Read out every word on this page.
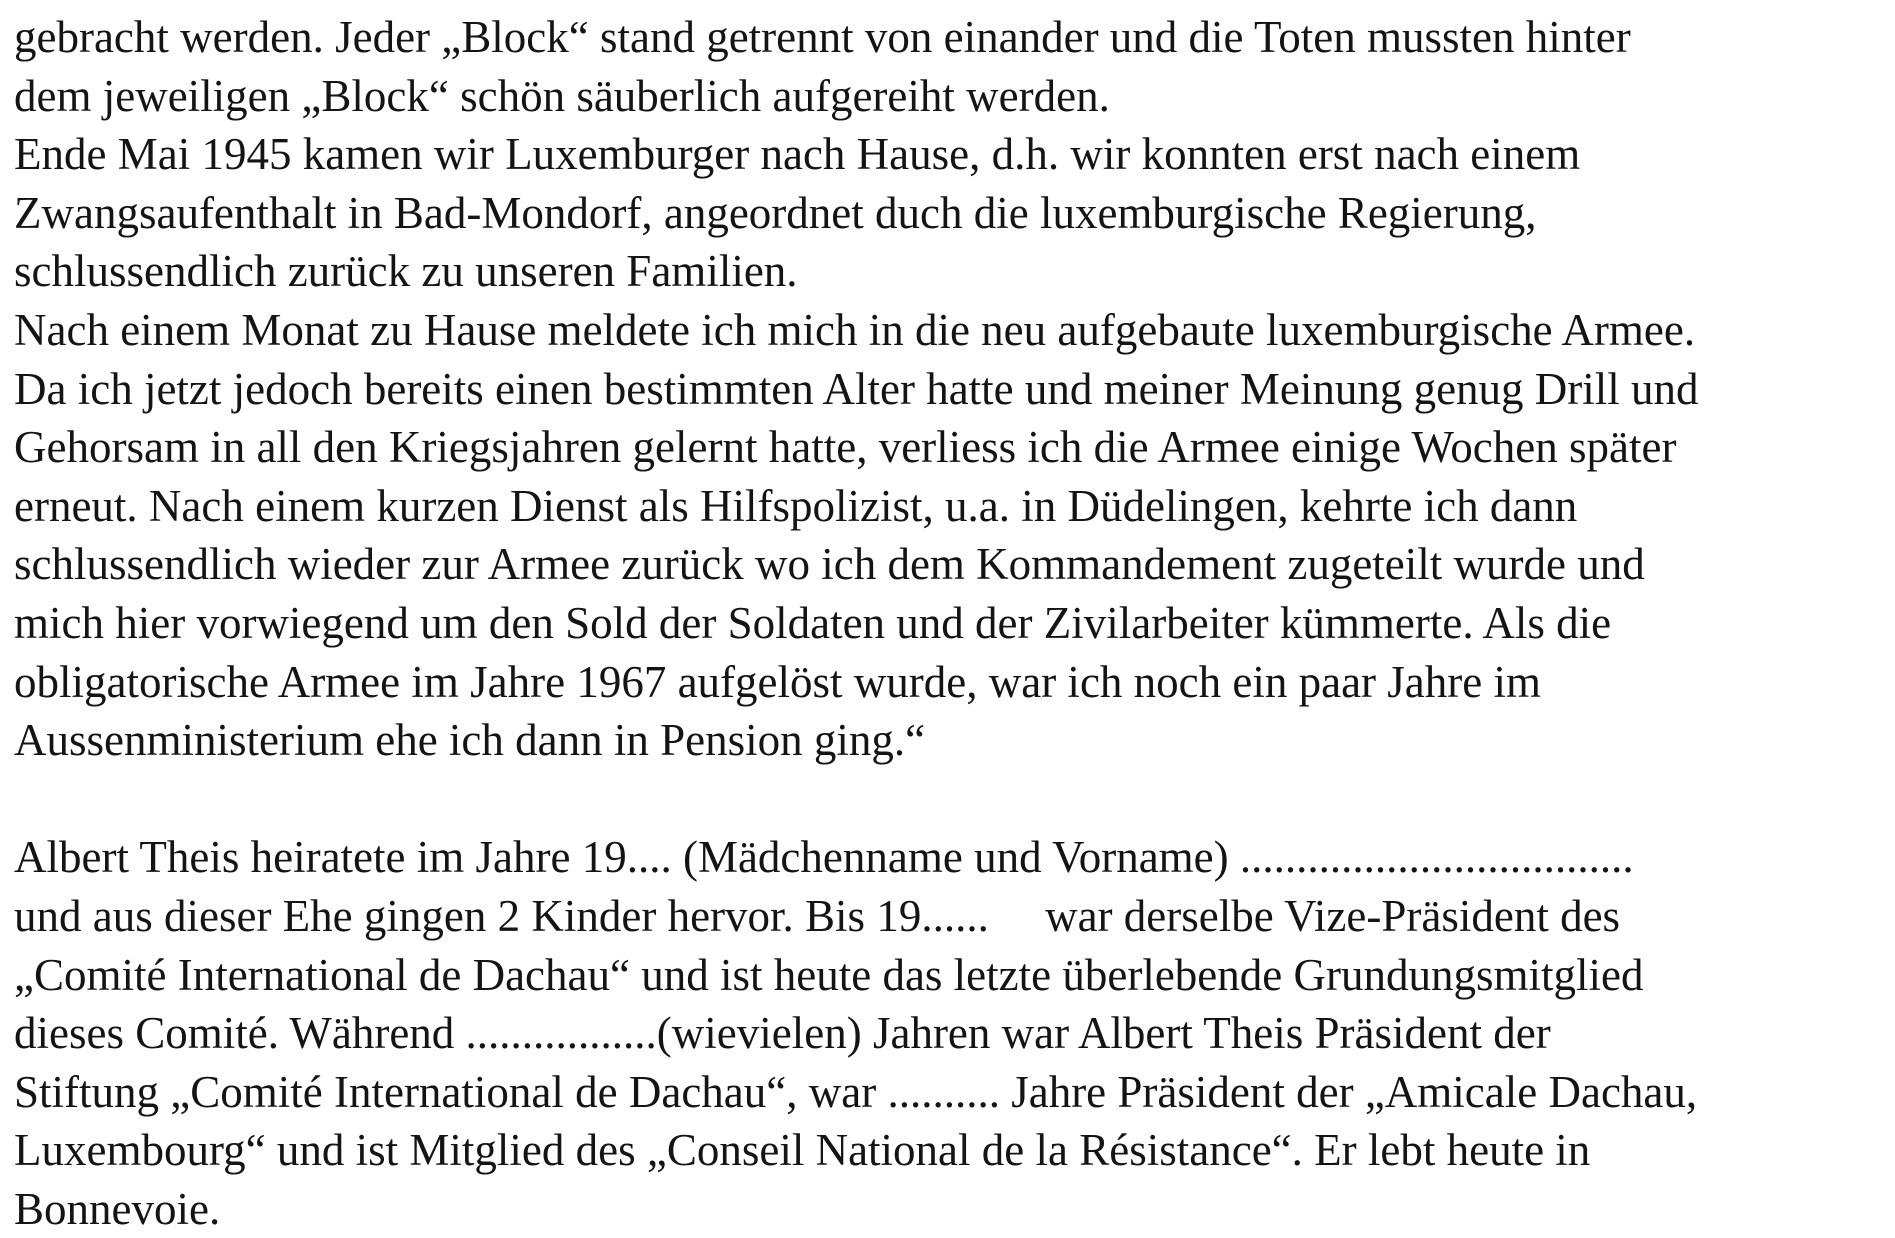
gebracht werden. Jeder „Block“ stand getrennt von einander und die Toten mussten hinter
dem jeweiligen „Block“ schön säuberlich aufgereiht werden.
Ende Mai 1945 kamen wir Luxemburger nach Hause, d.h. wir konnten erst nach einem
Zwangsaufenthalt in Bad-Mondorf, angeordnet duch die luxemburgische Regierung,
schlussendlich zurück zu unseren Familien.
Nach einem Monat zu Hause meldete ich mich in die neu aufgebaute luxemburgische Armee.
Da ich jetzt jedoch bereits einen bestimmten Alter hatte und meiner Meinung genug Drill und
Gehorsam in all den Kriegsjahren gelernt hatte, verliess ich die Armee einige Wochen später
erneut. Nach einem kurzen Dienst als Hilfspolizist, u.a. in Düdelingen, kehrte ich dann
schlussendlich wieder zur Armee zurück wo ich dem Kommandement zugeteilt wurde und
mich hier vorwiegend um den Sold der Soldaten und der Zivilarbeiter kümmerte. Als die
obligatorische Armee im Jahre 1967 aufgelöst wurde, war ich noch ein paar Jahre im
Aussenministerium ehe ich dann in Pension ging.“
Albert Theis heiratete im Jahre 19.... (Mädchenname und Vorname) ...................................
und aus dieser Ehe gingen 2 Kinder hervor. Bis 19......     war derselbe Vize-Präsident des
„Comité International de Dachau“ und ist heute das letzte überlebende Grundungsmitglied
dieses Comité. Während .................(wievielen) Jahren war Albert Theis Präsident der
Stiftung „Comité International de Dachau“, war .......... Jahre Präsident der „Amicale Dachau,
Luxembourg“ und ist Mitglied des „Conseil National de la Résistance“. Er lebt heute in
Bonnevoie.
